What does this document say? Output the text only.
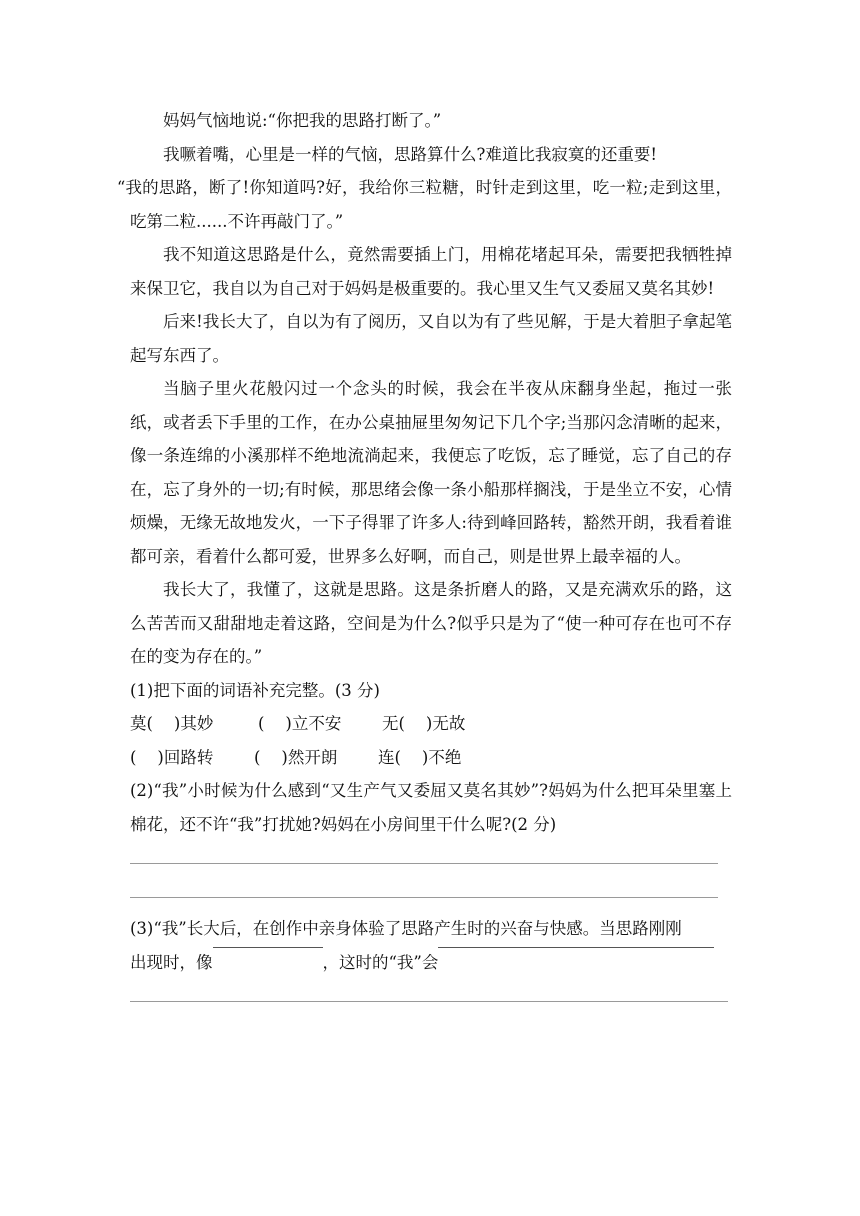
妈妈气恼地说:“你把我的思路打断了。”

我噘着嘴，心里是一样的气恼，思路算什么?难道比我寂寞的还重要!

“我的思路，断了!你知道吗?好，我给你三粒糖，时针走到这里，吃一粒;走到这里，吃第二粒......不许再敲门了。”

我不知道这思路是什么，竟然需要插上门，用棉花堵起耳朵，需要把我牺牲掉来保卫它，我自以为自己对于妈妈是极重要的。我心里又生气又委屈又莫名其妙!

后来!我长大了，自以为有了阅历，又自以为有了些见解，于是大着胆子拿起笔起写东西了。

当脑子里火花般闪过一个念头的时候，我会在半夜从床翻身坐起，拖过一张纸，或者丢下手里的工作，在办公桌抽屉里匆匆记下几个字;当那闪念清晰的起来，像一条连绵的小溪那样不绝地流淌起来，我便忘了吃饭，忘了睡觉，忘了自己的存在，忘了身外的一切;有时候，那思绪会像一条小船那样搁浅，于是坐立不安，心情烦燥，无缘无故地发火，一下子得罪了许多人:待到峰回路转，豁然开朗，我看着谁都可亲，看着什么都可爱，世界多么好啊，而自己，则是世界上最幸福的人。

我长大了，我懂了，这就是思路。这是条折磨人的路，又是充满欢乐的路，这么苦苦而又甜甜地走着这路，空间是为什么?似乎只是为了“使一种可存在也可不存在的变为存在的。”

(1)把下面的词语补充完整。(3 分)

莫(    )其妙	(    )立不安	无(    )无故
(    )回路转	(    )然开朗	连(    )不绝

(2)“我”小时候为什么感到“又生产气又委屈又莫名其妙”?妈妈为什么把耳朵里塞上棉花，还不许“我”打扰她?妈妈在小房间里干什么呢?(2 分)

(3)“我”长大后，在创作中亲身体验了思路产生时的兴奋与快感。当思路刚刚

出现时，像	，这时的“我”会
